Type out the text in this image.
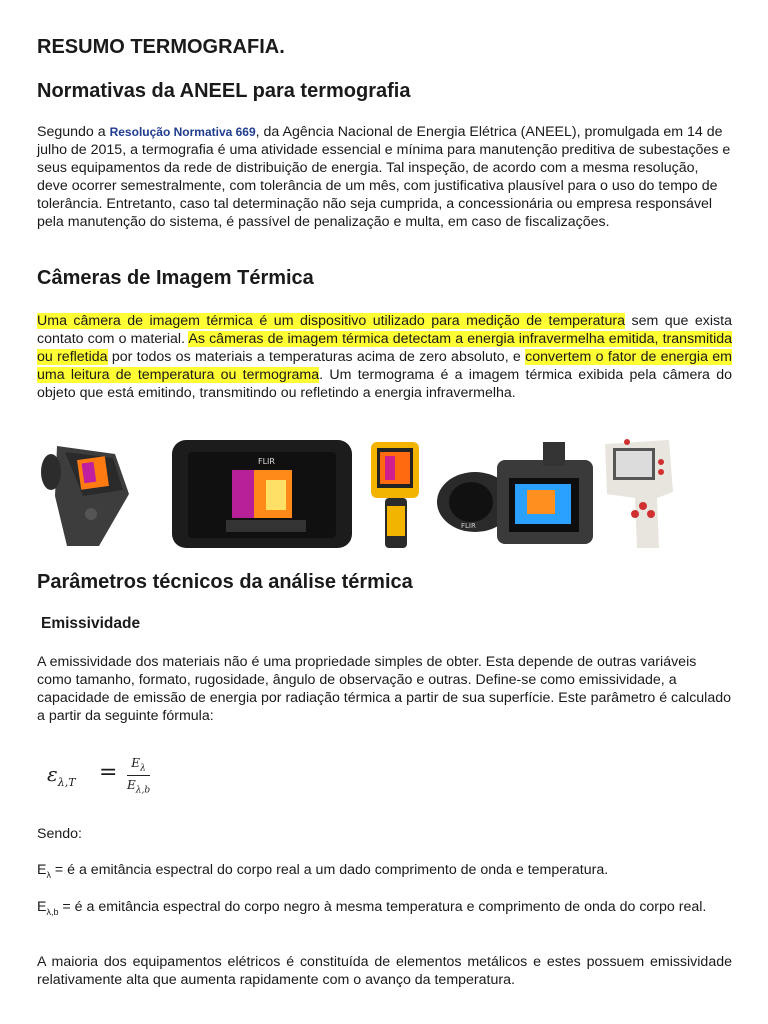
RESUMO TERMOGRAFIA.
Normativas da ANEEL para termografia

Segundo a Resolução Normativa 669, da Agência Nacional de Energia Elétrica (ANEEL), promulgada em 14 de julho de 2015, a termografia é uma atividade essencial e mínima para manutenção preditiva de subestações e seus equipamentos da rede de distribuição de energia. Tal inspeção, de acordo com a mesma resolução, deve ocorrer semestralmente, com tolerância de um mês, com justificativa plausível para o uso do tempo de tolerância. Entretanto, caso tal determinação não seja cumprida, a concessionária ou empresa responsável pela manutenção do sistema, é passível de penalização e multa, em caso de fiscalizações.

Câmeras de Imagem Térmica

Uma câmera de imagem térmica é um dispositivo utilizado para medição de temperatura sem que exista contato com o material. As câmeras de imagem térmica detectam a energia infravermelha emitida, transmitida ou refletida por todos os materiais a temperaturas acima de zero absoluto, e convertem o fator de energia em uma leitura de temperatura ou termograma. Um termograma é a imagem térmica exibida pela câmera do objeto que está emitindo, transmitindo ou refletindo a energia infravermelha.

FLIR
FLIR
Parâmetros técnicos da análise térmica
Emissividade

A emissividade dos materiais não é uma propriedade simples de obter. Esta depende de outras variáveis como tamanho, formato, rugosidade, ângulo de observação e outras. Define-se como emissividade, a capacidade de emissão de energia por radiação térmica a partir de sua superfície. Este parâmetro é calculado a partir da seguinte fórmula:

$\varepsilon_{\lambda,T}$ =	$E_\lambda$
$E_{\lambda,b}$

Sendo:

$E_\lambda$ = é a emitância espectral do corpo real a um dado comprimento de onda e temperatura.

$E_{\lambda,b}$ = é a emitância espectral do corpo negro à mesma temperatura e comprimento de onda do corpo real.

A maioria dos equipamentos elétricos é constituída de elementos metálicos e estes possuem emissividade relativamente alta que aumenta rapidamente com o avanço da temperatura.
